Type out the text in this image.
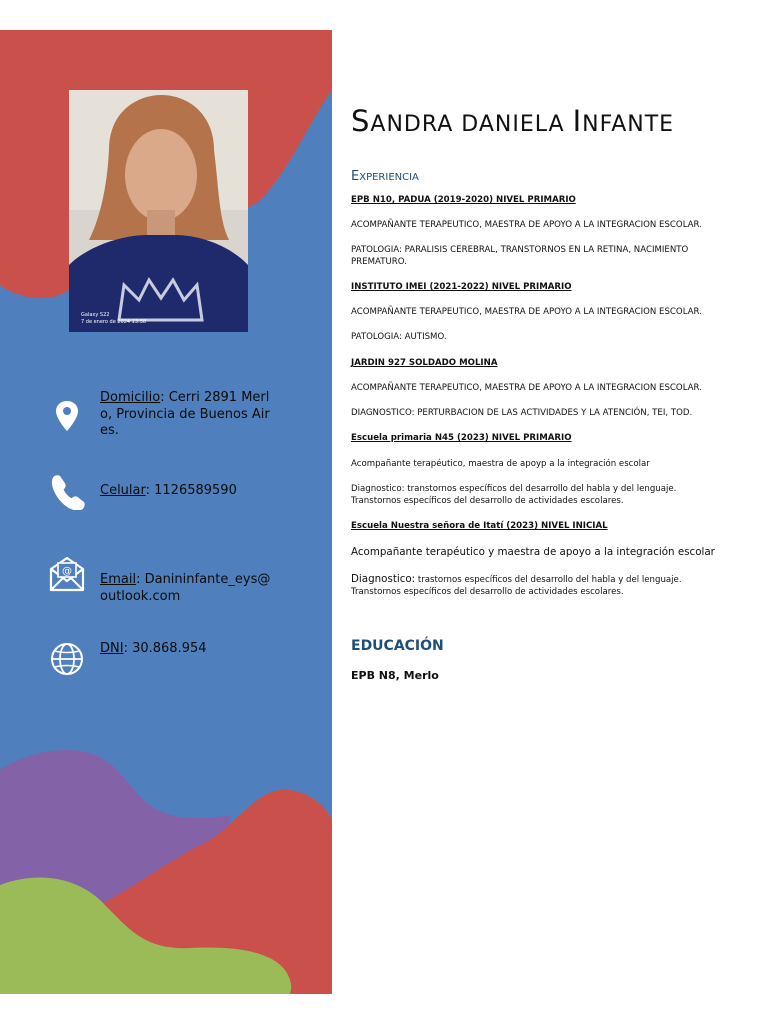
Galaxy S22
7 de enero de 2024 13:58
Domicilio: Cerri 2891 Merlo, Provincia de Buenos Aires.
Celular: 1126589590
@
Email: Danininfante_eys@outlook.com
DNI: 30.868.954
SANDRA DANIELA INFANTE
EXPERIENCIA
EPB N10, PADUA (2019-2020) NIVEL PRIMARIO
ACOMPAÑANTE TERAPEUTICO, MAESTRA DE APOYO A LA INTEGRACION ESCOLAR.
PATOLOGIA: PARALISIS CEREBRAL, TRANSTORNOS EN LA RETINA, NACIMIENTO PREMATURO.
INSTITUTO IMEI (2021-2022) NIVEL PRIMARIO
ACOMPAÑANTE TERAPEUTICO, MAESTRA DE APOYO A LA INTEGRACION ESCOLAR.
PATOLOGIA: AUTISMO.
JARDIN 927 SOLDADO MOLINA
ACOMPAÑANTE TERAPEUTICO, MAESTRA DE APOYO A LA INTEGRACION ESCOLAR.
DIAGNOSTICO: PERTURBACION DE LAS ACTIVIDADES Y LA ATENCIÓN, TEI, TOD.
Escuela primaria N45 (2023) NIVEL PRIMARIO
Acompañante terapéutico, maestra de apoyp a la integración escolar
Diagnostico: transtornos específicos del desarrollo del habla y del lenguaje. Transtornos específicos del desarrollo de actividades escolares.
Escuela Nuestra señora de Itatí (2023) NIVEL INICIAL
Acompañante terapéutico y maestra de apoyo a la integración escolar
Diagnostico: trastornos específicos del desarrollo del habla y del lenguaje. Transtornos específicos del desarrollo de actividades escolares.
EDUCACIÓN
EPB N8, Merlo
